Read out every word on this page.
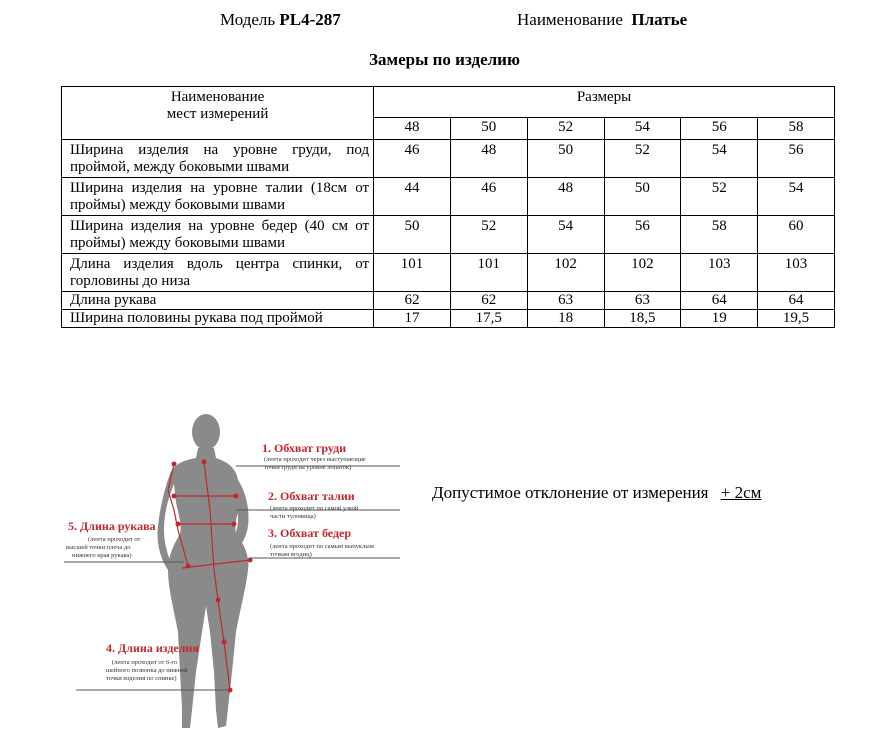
Модель PL4-287	Наименование Платье
Замеры по изделию
Наименование
мест измерений	Размеры					
	48	50	52	54	56	58
Ширина изделия на уровне груди, под проймой, между боковыми швами	46	48	50	52	54	56
Ширина изделия на уровне талии (18см от проймы) между боковыми швами	44	46	48	50	52	54
Ширина изделия на уровне бедер (40 см от проймы) между боковыми швами	50	52	54	56	58	60
Длина изделия вдоль центра спинки, от горловины до низа	101	101	102	102	103	103
Длина рукава	62	62	63	63	64	64
Ширина половины рукава под проймой	17	17,5	18	18,5	19	19,5
1. Обхват груди
(лента проходит через выступающие
точки груди на уровне лопаток)
2. Обхват талии
(лента проходит по самой узкой
части туловища)
3. Обхват бедер
(лента проходит по самым выпуклым
точкам ягодиц)
4. Длина изделия
(лента проходит от 6-го
шейного позвонка до нижней
точки изделия по спинке)
5. Длина рукава
(лента проходит от
высшей точки плеча до
нижнего края рукава)
Допустимое отклонение от измерения + 2см
